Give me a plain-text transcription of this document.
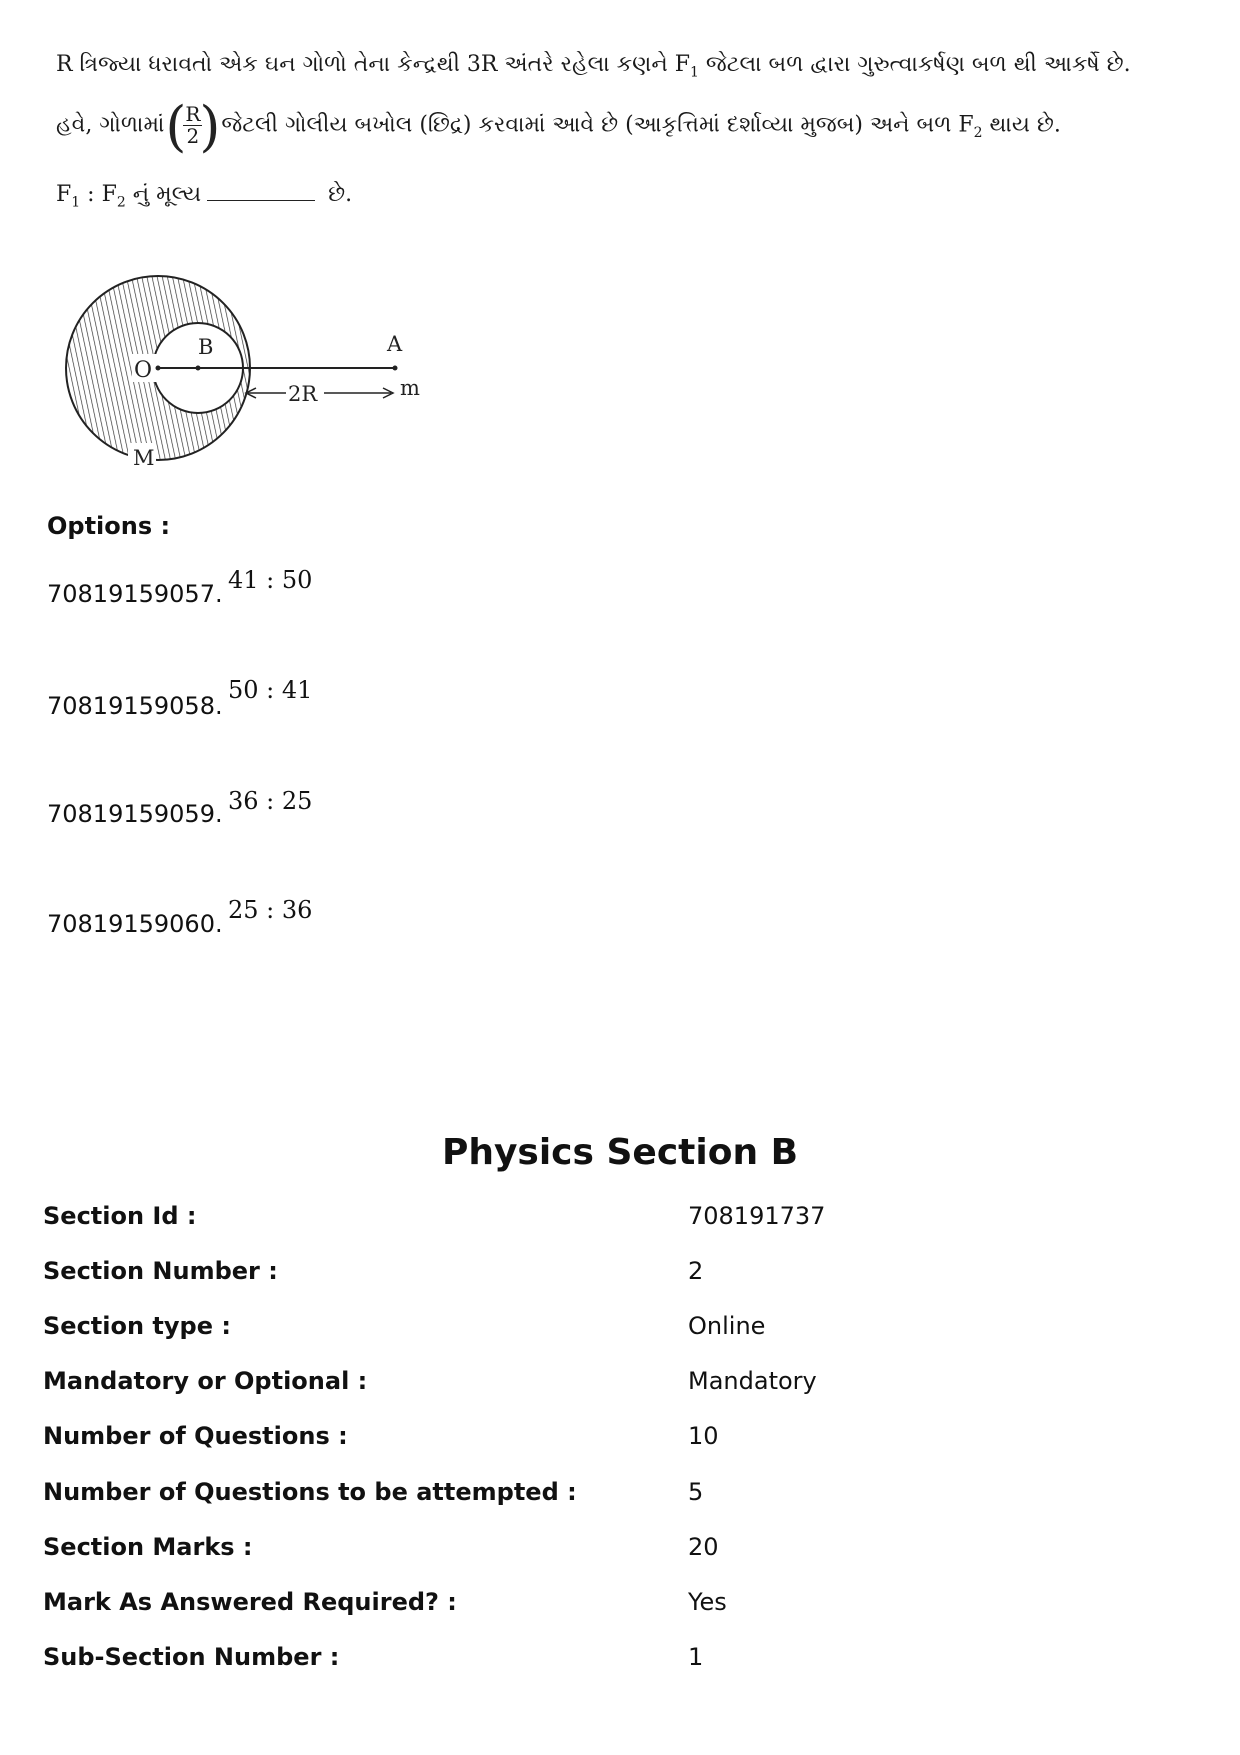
R ત્રિજ્યા ધરાવતો એક ઘન ગોળો તેના કેન્દ્રથી 3R અંતરે રહેલા કણને $F_1$ જેટલા બળ દ્વારા ગુરુત્વાકર્ષણ બળ થી આકર્ષે છે.
હવે, ગોળામાં ( $\frac{R}{2}$
) જેટલી ગોલીય બખોલ (છિદ્ર) કરવામાં આવે છે (આકૃત્તિમાં દર્શાવ્યા મુજબ) અને બળ $F_2$ થાય છે.
$F_1$ : $F_2$ નું મૂલ્ય	છે.
O
B	A
M
2R	m
Options :
70819159057. 41 : 50
70819159058.
50 : 41
70819159059. 36 : 25
70819159060. 25 : 36
Physics Section B
Section Id :	708191737
Section Number :	2
Section type :	Online
Mandatory or Optional :	Mandatory
Number of Questions :	10
Number of Questions to be attempted :	5
Section Marks :	20
Mark As Answered Required? :	Yes
Sub-Section Number :	1
